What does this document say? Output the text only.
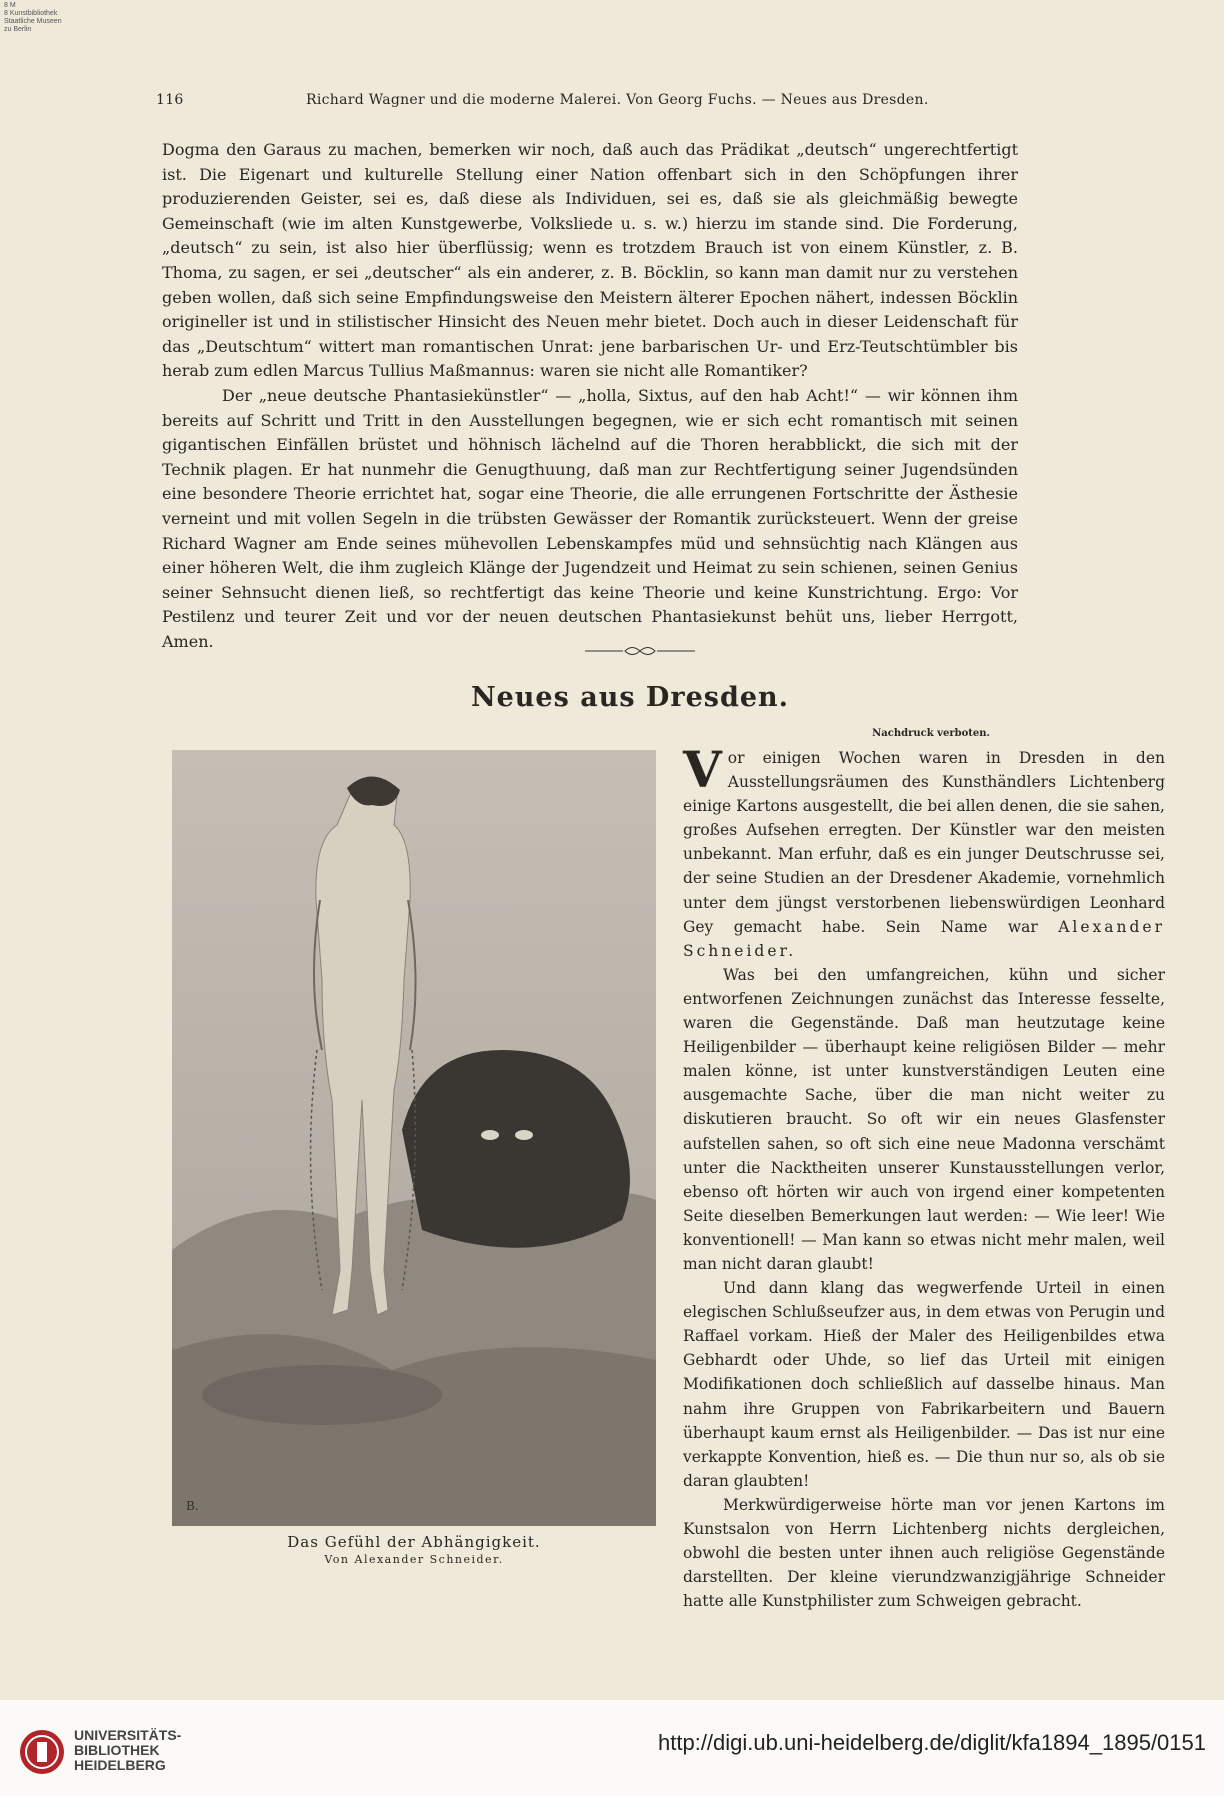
8 M
8 Kunstbibliothek
Staatliche Museen
zu Berlin
116	Richard Wagner und die moderne Malerei. Von Georg Fuchs. — Neues aus Dresden.

Dogma den Garaus zu machen, bemerken wir noch, daß auch das Prädikat „deutsch“ ungerechtfertigt ist. Die Eigenart und kulturelle Stellung einer Nation offenbart sich in den Schöpfungen ihrer produzierenden Geister, sei es, daß diese als Individuen, sei es, daß sie als gleichmäßig bewegte Gemeinschaft (wie im alten Kunstgewerbe, Volksliede u. s. w.) hierzu im stande sind. Die Forderung, „deutsch“ zu sein, ist also hier überflüssig; wenn es trotzdem Brauch ist von einem Künstler, z. B. Thoma, zu sagen, er sei „deutscher“ als ein anderer, z. B. Böcklin, so kann man damit nur zu verstehen geben wollen, daß sich seine Empfindungsweise den Meistern älterer Epochen nähert, indessen Böcklin origineller ist und in stilistischer Hinsicht des Neuen mehr bietet. Doch auch in dieser Leidenschaft für das „Deutschtum“ wittert man romantischen Unrat: jene barbarischen Ur- und Erz-Teutschtümbler bis herab zum edlen Marcus Tullius Maßmannus: waren sie nicht alle Romantiker?

Der „neue deutsche Phantasiekünstler“ — „holla, Sixtus, auf den hab Acht!“ — wir können ihm bereits auf Schritt und Tritt in den Ausstellungen begegnen, wie er sich echt romantisch mit seinen gigantischen Einfällen brüstet und höhnisch lächelnd auf die Thoren herabblickt, die sich mit der Technik plagen. Er hat nunmehr die Genugthuung, daß man zur Rechtfertigung seiner Jugendsünden eine besondere Theorie errichtet hat, sogar eine Theorie, die alle errungenen Fortschritte der Ästhesie verneint und mit vollen Segeln in die trübsten Gewässer der Romantik zurücksteuert. Wenn der greise Richard Wagner am Ende seines mühevollen Lebenskampfes müd und sehnsüchtig nach Klängen aus einer höheren Welt, die ihm zugleich Klänge der Jugendzeit und Heimat zu sein schienen, seinen Genius seiner Sehnsucht dienen ließ, so rechtfertigt das keine Theorie und keine Kunstrichtung. Ergo: Vor Pestilenz und teurer Zeit und vor der neuen deutschen Phantasiekunst behüt uns, lieber Herrgott, Amen.

Neues aus Dresden.
Nachdruck verboten.
B.
Das Gefühl der Abhängigkeit.
Von Alexander Schneider.

Vor einigen Wochen waren in Dresden in den Ausstellungsräumen des Kunsthändlers Lichtenberg einige Kartons ausgestellt, die bei allen denen, die sie sahen, großes Aufsehen erregten. Der Künstler war den meisten unbekannt. Man erfuhr, daß es ein junger Deutschrusse sei, der seine Studien an der Dresdener Akademie, vornehmlich unter dem jüngst verstorbenen liebenswürdigen Leonhard Gey gemacht habe. Sein Name war Alexander Schneider.

Was bei den umfangreichen, kühn und sicher entworfenen Zeichnungen zunächst das Interesse fesselte, waren die Gegenstände. Daß man heutzutage keine Heiligenbilder — überhaupt keine religiösen Bilder — mehr malen könne, ist unter kunstverständigen Leuten eine ausgemachte Sache, über die man nicht weiter zu diskutieren braucht. So oft wir ein neues Glasfenster aufstellen sahen, so oft sich eine neue Madonna verschämt unter die Nacktheiten unserer Kunstausstellungen verlor, ebenso oft hörten wir auch von irgend einer kompetenten Seite dieselben Bemerkungen laut werden: — Wie leer! Wie konventionell! — Man kann so etwas nicht mehr malen, weil man nicht daran glaubt!

Und dann klang das wegwerfende Urteil in einen elegischen Schlußseufzer aus, in dem etwas von Perugin und Raffael vorkam. Hieß der Maler des Heiligenbildes etwa Gebhardt oder Uhde, so lief das Urteil mit einigen Modifikationen doch schließlich auf dasselbe hinaus. Man nahm ihre Gruppen von Fabrikarbeitern und Bauern überhaupt kaum ernst als Heiligenbilder. — Das ist nur eine verkappte Konvention, hieß es. — Die thun nur so, als ob sie daran glaubten!

Merkwürdigerweise hörte man vor jenen Kartons im Kunstsalon von Herrn Lichtenberg nichts dergleichen, obwohl die besten unter ihnen auch religiöse Gegenstände darstellten. Der kleine vierundzwanzigjährige Schneider hatte alle Kunstphilister zum Schweigen gebracht.

UNIVERSITÄTS-
BIBLIOTHEK
HEIDELBERG
http://digi.ub.uni-heidelberg.de/diglit/kfa1894_1895/0151
